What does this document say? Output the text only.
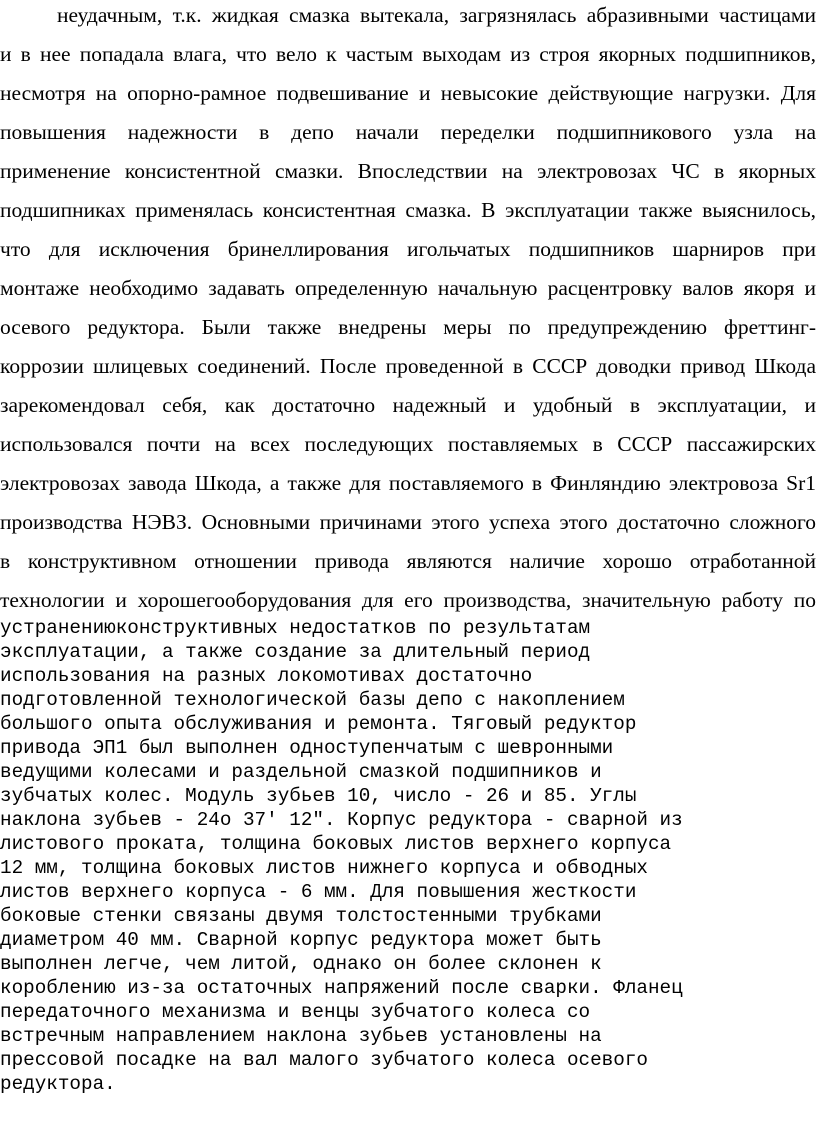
неудачным, т.к. жидкая смазка вытекала, загрязнялась абразивными частицами
и в нее попадала влага, что вело к частым выходам из строя якорных подшипников,
несмотря на опорно-рамное подвешивание и невысокие действующие нагрузки. Для
повышения надежности в депо начали переделки подшипникового узла на
применение консистентной смазки. Впоследствии на электровозах ЧС в якорных
подшипниках применялась консистентная смазка. В эксплуатации также выяснилось,
что для исключения бринеллирования игольчатых подшипников шарниров при
монтаже необходимо задавать определенную начальную расцентровку валов якоря и
осевого редуктора. Были также внедрены меры по предупреждению фреттинг-
коррозии шлицевых соединений. После проведенной в СССР доводки привод Шкода
зарекомендовал себя, как достаточно надежный и удобный в эксплуатации, и
использовался почти на всех последующих поставляемых в СССР пассажирских
электровозах завода Шкода, а также для поставляемого в Финляндию электровоза Sr1
производства НЭВЗ. Основными причинами этого успеха этого достаточно сложного
в конструктивном отношении привода являются наличие хорошо отработанной
технологии и хорошегооборудования для его производства, значительную работу по
устранениюконструктивных недостатков по результатам
эксплуатации, а также создание за длительный период
использования на разных локомотивах достаточно
подготовленной технологической базы депо с накоплением
большого опыта обслуживания и ремонта. Тяговый редуктор
привода ЭП1 был выполнен одноступенчатым с шевронными
ведущими колесами и раздельной смазкой подшипников и
зубчатых колес. Модуль зубьев 10, число - 26 и 85. Углы
наклона зубьев - 24о 37' 12". Корпус редуктора - сварной из
листового проката, толщина боковых листов верхнего корпуса
12 мм, толщина боковых листов нижнего корпуса и обводных
листов верхнего корпуса - 6 мм. Для повышения жесткости
боковые стенки связаны двумя толстостенными трубками
диаметром 40 мм. Сварной корпус редуктора может быть
выполнен легче, чем литой, однако он более склонен к
короблению из-за остаточных напряжений после сварки. Фланец
передаточного механизма и венцы зубчатого колеса со
встречным направлением наклона зубьев установлены на
прессовой посадке на вал малого зубчатого колеса осевого
редуктора.
